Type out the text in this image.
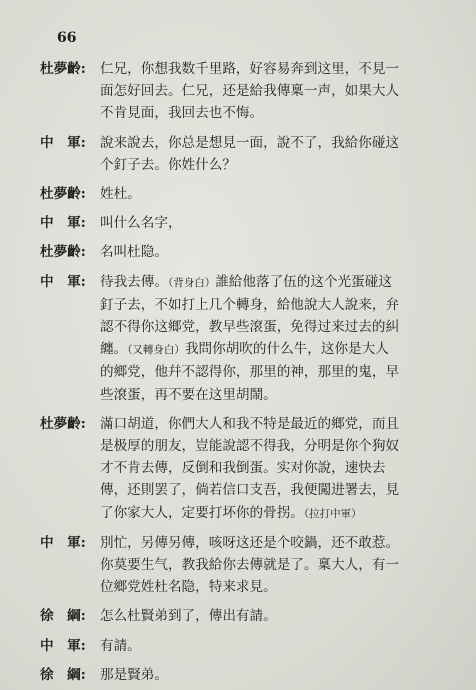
66
杜夢齡:	仁兄，你想我数千里路，好容易奔到这里，不見一
面怎好回去。仁兄，还是給我傳稟一声，如果大人
不肯見面，我回去也不悔。
中　軍:	說来說去，你总是想見一面，說不了，我給你碰这
个釘子去。你姓什么？
杜夢齡:	姓杜。
中　軍:	叫什么名字，
杜夢齡:	名叫杜隐。
中　軍:	待我去傳。（背身白）誰給他落了伍的这个光蛋碰这
釘子去，不如打上几个轉身，給他說大人說来，弁
認不得你这鄉党，教早些滾蛋，免得过来过去的糾
纏。（又轉身白）我問你胡吹的什么牛，这你是大人
的鄉党，他幷不認得你，那里的神，那里的鬼，早
些滾蛋，再不要在这里胡鬧。
杜夢齡:	滿口胡道，你們大人和我不特是最近的鄉党，而且
是极厚的朋友，豈能說認不得我，分明是你个狗奴
才不肯去傳，反倒和我倒蛋。实对你說，速快去
傳，还則罢了，倘若信口支吾，我便闖进署去，見
了你家大人，定要打坏你的骨拐。（拉打中軍）
中　軍:	別忙，另傳另傳，咳呀这还是个咬鍋，还不敢惹。
你莫要生气，教我給你去傳就是了。稟大人，有一
位鄉党姓杜名隐，特来求見。
徐　綱:	怎么杜賢弟到了，傳出有請。
中　軍:	有請。
徐　綱:	那是賢弟。
